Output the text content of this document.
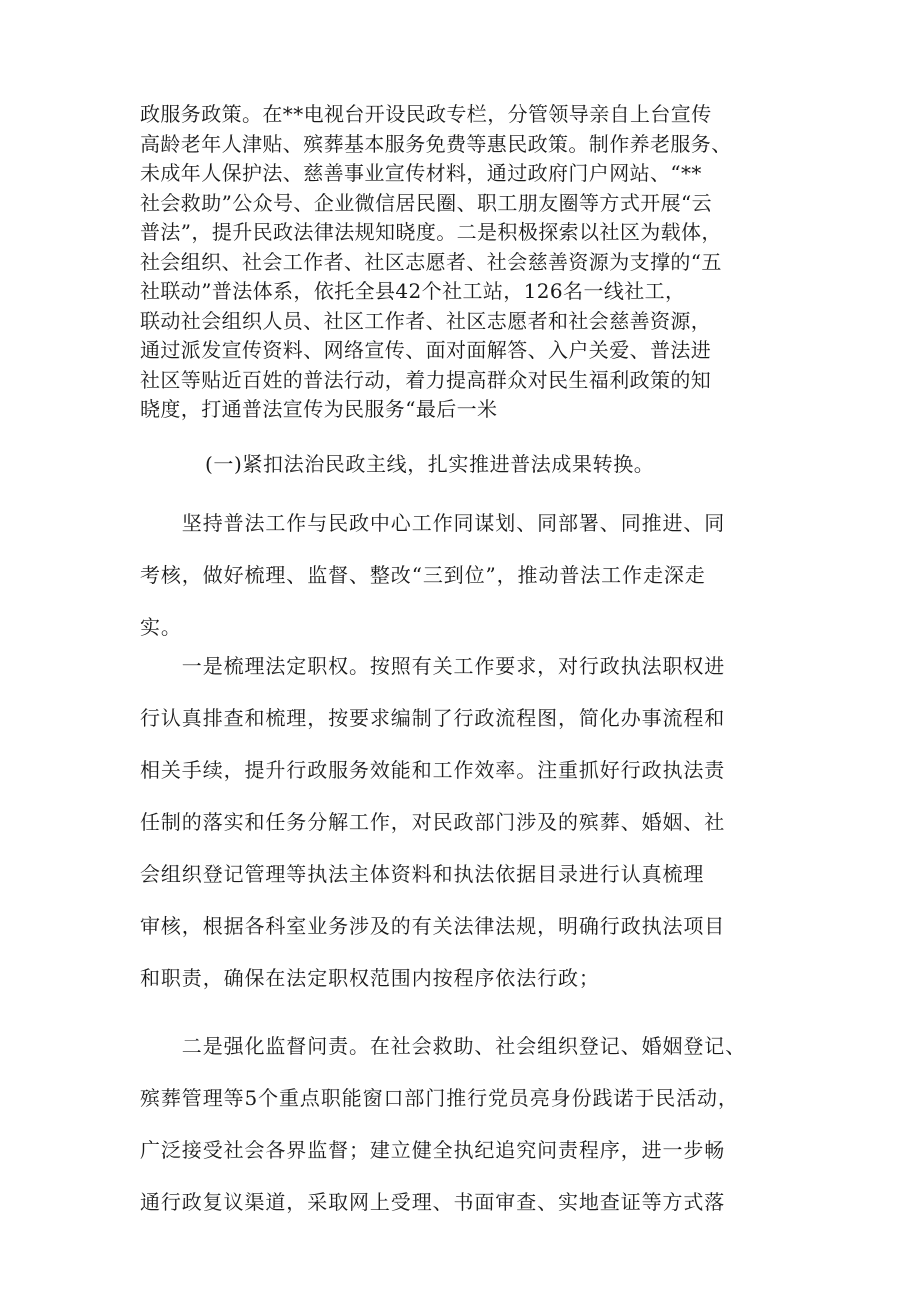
政服务政策。在**电视台开设民政专栏，分管领导亲自上台宣传
高龄老年人津贴、殡葬基本服务免费等惠民政策。制作养老服务、
未成年人保护法、慈善事业宣传材料，通过政府门户网站、“**
社会救助”公众号、企业微信居民圈、职工朋友圈等方式开展“云
普法”，提升民政法律法规知晓度。二是积极探索以社区为载体，
社会组织、社会工作者、社区志愿者、社会慈善资源为支撑的“五
社联动”普法体系，依托全县42个社工站，126名一线社工，
联动社会组织人员、社区工作者、社区志愿者和社会慈善资源，
通过派发宣传资料、网络宣传、面对面解答、入户关爱、普法进
社区等贴近百姓的普法行动，着力提高群众对民生福利政策的知
晓度，打通普法宣传为民服务“最后一米
(一)紧扣法治民政主线，扎实推进普法成果转换。
　　坚持普法工作与民政中心工作同谋划、同部署、同推进、同
考核，做好梳理、监督、整改“三到位”，推动普法工作走深走
实。
　　一是梳理法定职权。按照有关工作要求，对行政执法职权进
行认真排查和梳理，按要求编制了行政流程图，简化办事流程和
相关手续，提升行政服务效能和工作效率。注重抓好行政执法责
任制的落实和任务分解工作，对民政部门涉及的殡葬、婚姻、社
会组织登记管理等执法主体资料和执法依据目录进行认真梳理
审核，根据各科室业务涉及的有关法律法规，明确行政执法项目
和职责，确保在法定职权范围内按程序依法行政；
　　二是强化监督问责。在社会救助、社会组织登记、婚姻登记、
殡葬管理等5个重点职能窗口部门推行党员亮身份践诺于民活动，
广泛接受社会各界监督；建立健全执纪追究问责程序，进一步畅
通行政复议渠道，采取网上受理、书面审查、实地查证等方式落
